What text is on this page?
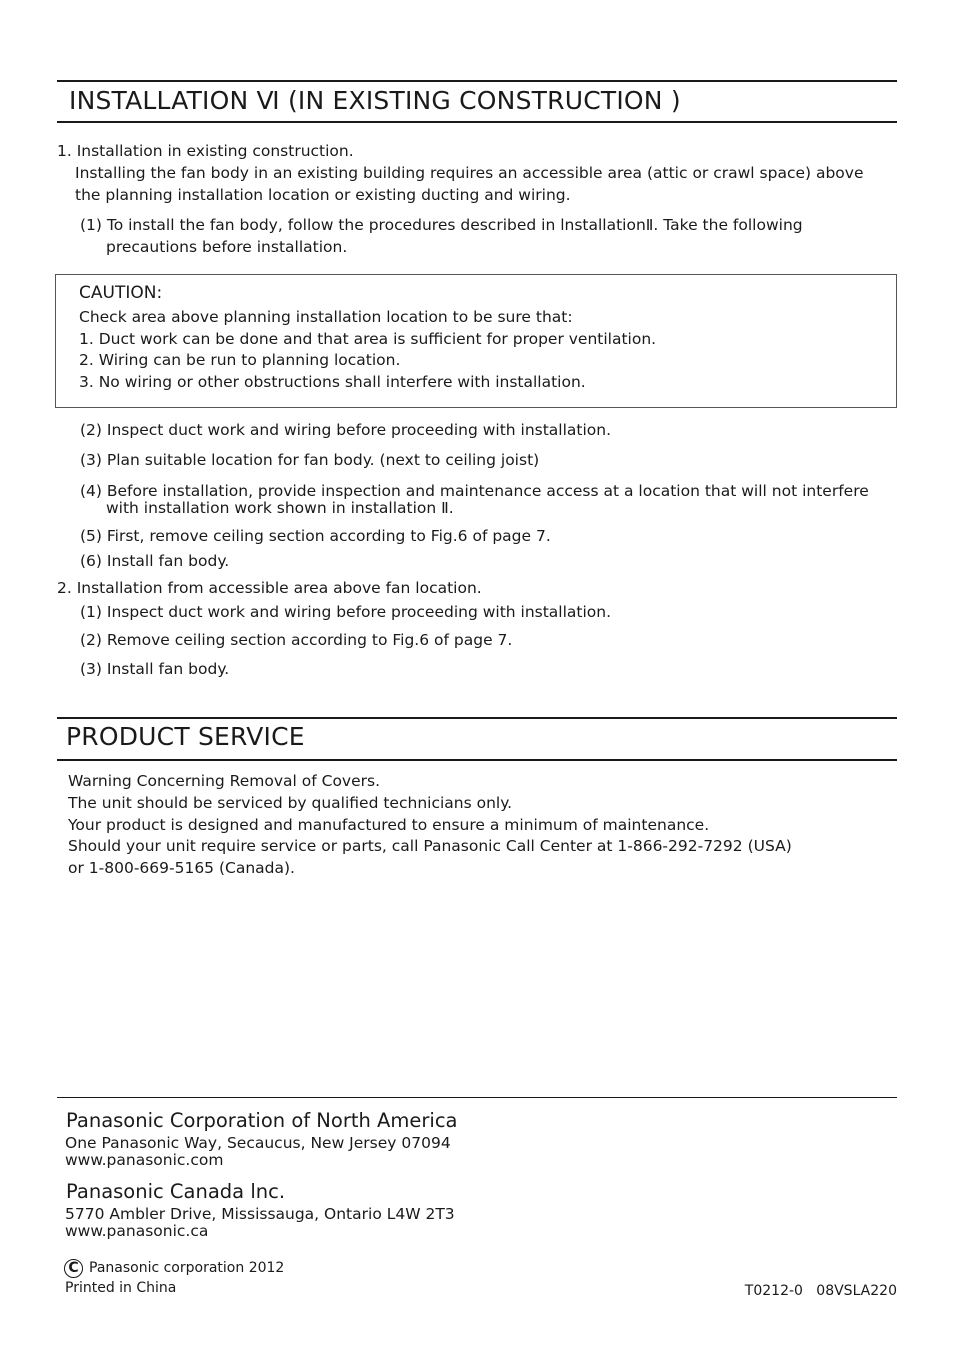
INSTALLATION Ⅵ (IN EXISTING CONSTRUCTION )
1. Installation in existing construction.
Installing the fan body in an existing building requires an accessible area (attic or crawl space) above
the planning installation location or existing ducting and wiring.
(1) To install the fan body, follow the procedures described in lnstallationⅡ. Take the following
precautions before installation.
CAUTION:
Check area above planning installation location to be sure that:
1. Duct work can be done and that area is sufficient for proper ventilation.
2. Wiring can be run to planning location.
3. No wiring or other obstructions shall interfere with installation.
(2) Inspect duct work and wiring before proceeding with installation.
(3) Plan suitable location for fan body. (next to ceiling joist)
(4) Before installation, provide inspection and maintenance access at a location that will not interfere
with installation work shown in installation Ⅱ.
(5) First, remove ceiling section according to Fig.6 of page 7.
(6) Install fan body.
2. Installation from accessible area above fan location.
(1) Inspect duct work and wiring before proceeding with installation.
(2) Remove ceiling section according to Fig.6 of page 7.
(3) Install fan body.
PRODUCT SERVICE
Warning Concerning Removal of Covers.
The unit should be serviced by qualified technicians only.
Your product is designed and manufactured to ensure a minimum of maintenance.
Should your unit require service or parts, call Panasonic Call Center at 1-866-292-7292 (USA)
or 1-800-669-5165 (Canada).
Panasonic Corporation of North America
One Panasonic Way, Secaucus, New Jersey 07094
www.panasonic.com
Panasonic Canada lnc.
5770 Ambler Drive, Mississauga, Ontario L4W 2T3
www.panasonic.ca
C Panasonic corporation 2012
Printed in China	T0212-0   08VSLA220
